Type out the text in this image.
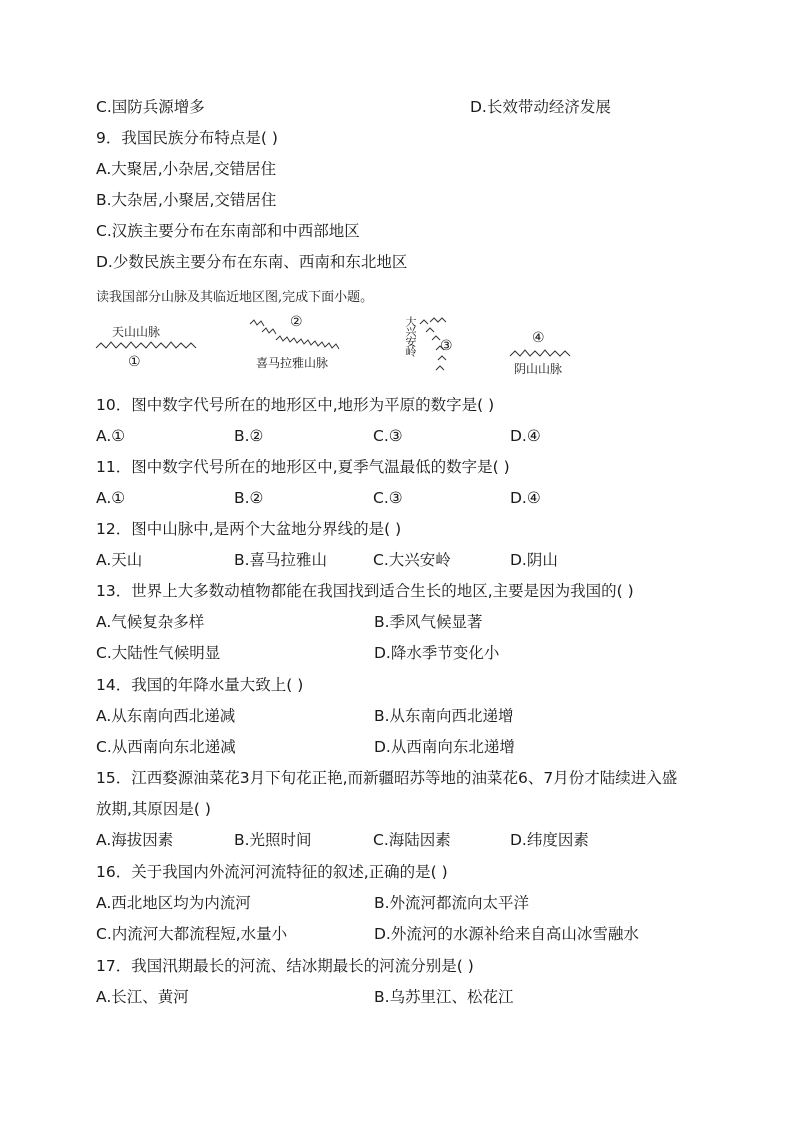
C.国防兵源增多	D.长效带动经济发展
9．我国民族分布特点是( )
A.大聚居,小杂居,交错居住
B.大杂居,小聚居,交错居住
C.汉族主要分布在东南部和中西部地区
D.少数民族主要分布在东南、西南和东北地区
读我国部分山脉及其临近地区图,完成下面小题。
天山山脉
①
②
喜马拉雅山脉
大兴安岭 ③	④
阴山山脉
10．图中数字代号所在的地形区中,地形为平原的数字是( )
A.①	B.②	C.③	D.④
11．图中数字代号所在的地形区中,夏季气温最低的数字是( )
A.①	B.②	C.③	D.④
12．图中山脉中,是两个大盆地分界线的是( )
A.天山	B.喜马拉雅山	C.大兴安岭	D.阴山
13．世界上大多数动植物都能在我国找到适合生长的地区,主要是因为我国的( )
A.气候复杂多样	B.季风气候显著
C.大陆性气候明显	D.降水季节变化小
14．我国的年降水量大致上( )
A.从东南向西北递减	B.从东南向西北递增
C.从西南向东北递减	D.从西南向东北递增
15．江西婺源油菜花3月下旬花正艳,而新疆昭苏等地的油菜花6、7月份才陆续进入盛
放期,其原因是( )
A.海拔因素	B.光照时间	C.海陆因素	D.纬度因素
16．关于我国内外流河河流特征的叙述,正确的是( )
A.西北地区均为内流河	B.外流河都流向太平洋
C.内流河大都流程短,水量小	D.外流河的水源补给来自高山冰雪融水
17．我国汛期最长的河流、结冰期最长的河流分别是( )
A.长江、黄河	B.乌苏里江、松花江
